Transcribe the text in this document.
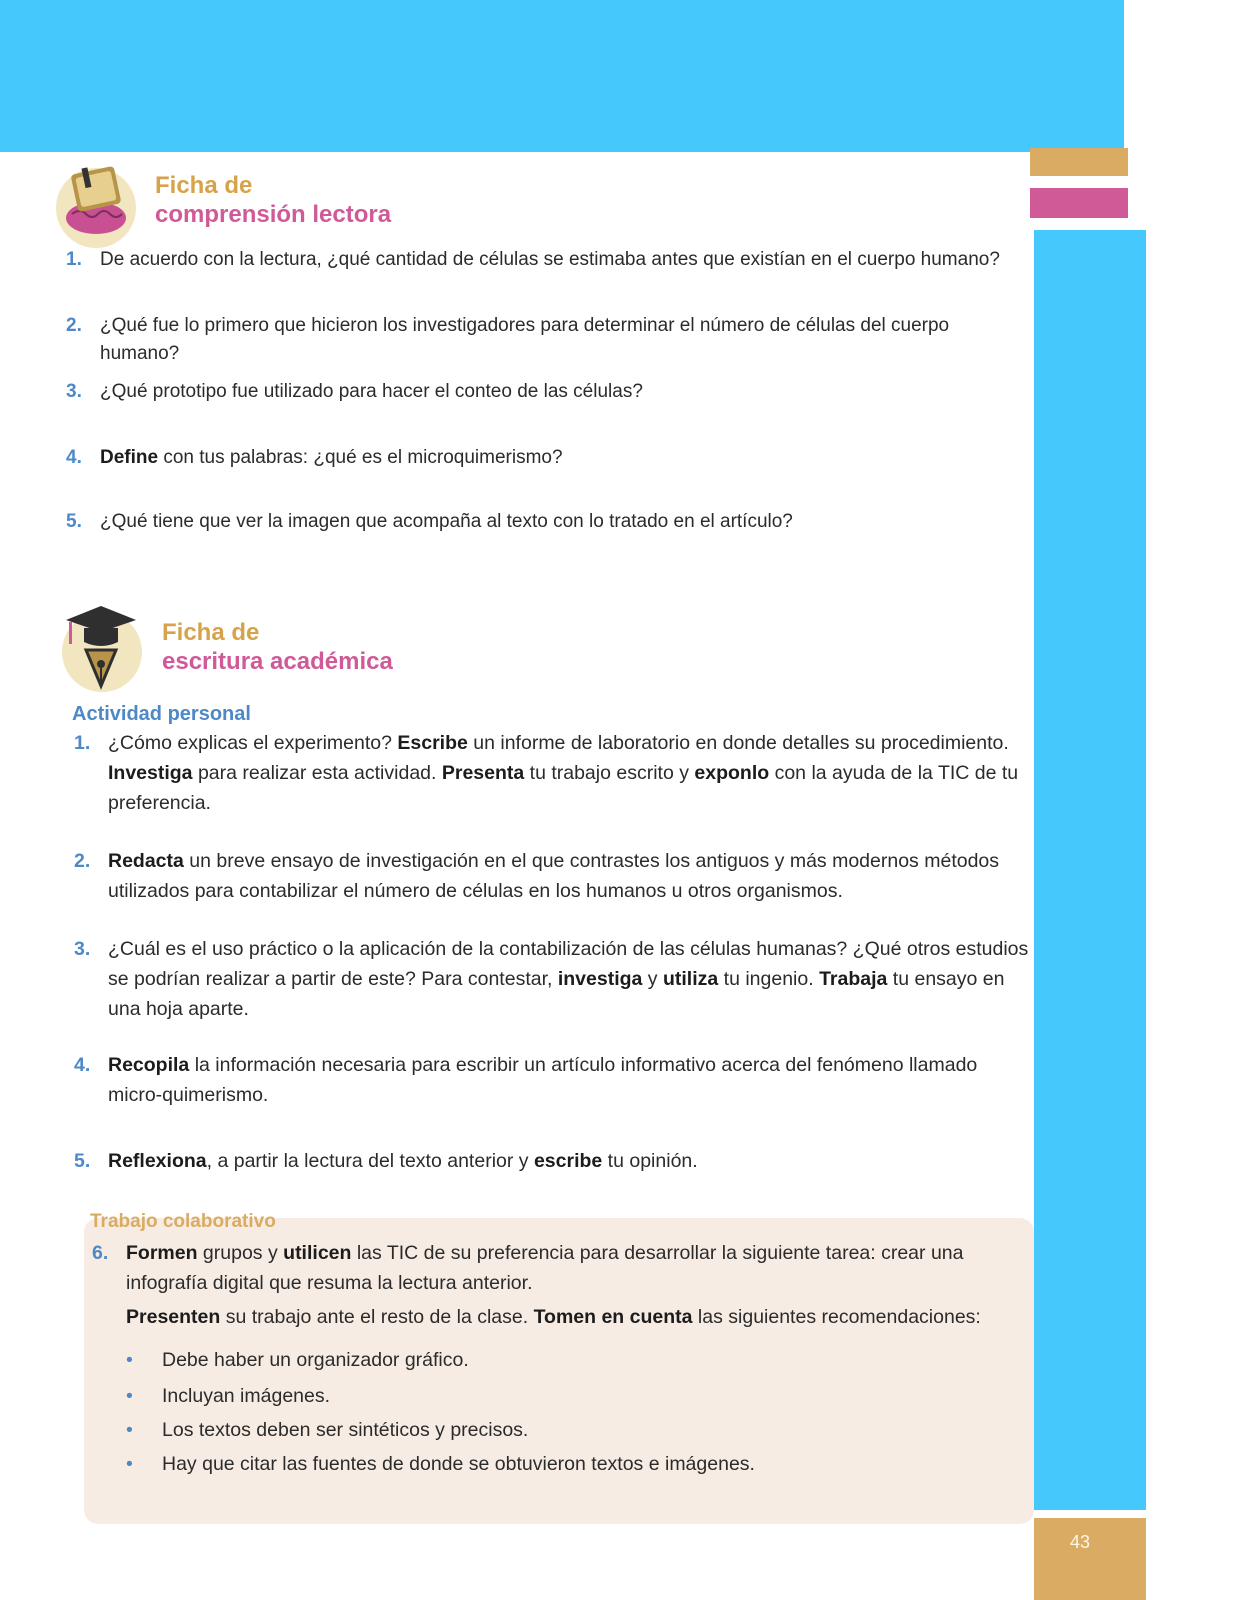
43
Ficha de
comprensión lectora
1. De acuerdo con la lectura, ¿qué cantidad de células se estimaba antes que existían en el cuerpo humano?
2. ¿Qué fue lo primero que hicieron los investigadores para determinar el número de células del cuerpo humano?
3. ¿Qué prototipo fue utilizado para hacer el conteo de las células?
4. Define con tus palabras: ¿qué es el microquimerismo?
5. ¿Qué tiene que ver la imagen que acompaña al texto con lo tratado en el artículo?
Ficha de
escritura académica
Actividad personal
1. ¿Cómo explicas el experimento? Escribe un informe de laboratorio en donde detalles su procedimiento. Investiga para realizar esta actividad. Presenta tu trabajo escrito y exponlo con la ayuda de la TIC de tu preferencia.
2. Redacta un breve ensayo de investigación en el que contrastes los antiguos y más modernos métodos utilizados para contabilizar el número de células en los humanos u otros organismos.
3. ¿Cuál es el uso práctico o la aplicación de la contabilización de las células humanas? ¿Qué otros estudios se podrían realizar a partir de este? Para contestar, investiga y utiliza tu ingenio. Trabaja tu ensayo en una hoja aparte.
4. Recopila la información necesaria para escribir un artículo informativo acerca del fenómeno llamado micro-quimerismo.
5. Reflexiona, a partir la lectura del texto anterior y escribe tu opinión.
Trabajo colaborativo
6. Formen grupos y utilicen las TIC de su preferencia para desarrollar la siguiente tarea: crear una infografía digital que resuma la lectura anterior.
Presenten su trabajo ante el resto de la clase. Tomen en cuenta las siguientes recomendaciones:
• Debe haber un organizador gráfico.
• Incluyan imágenes.
• Los textos deben ser sintéticos y precisos.
• Hay que citar las fuentes de donde se obtuvieron textos e imágenes.
